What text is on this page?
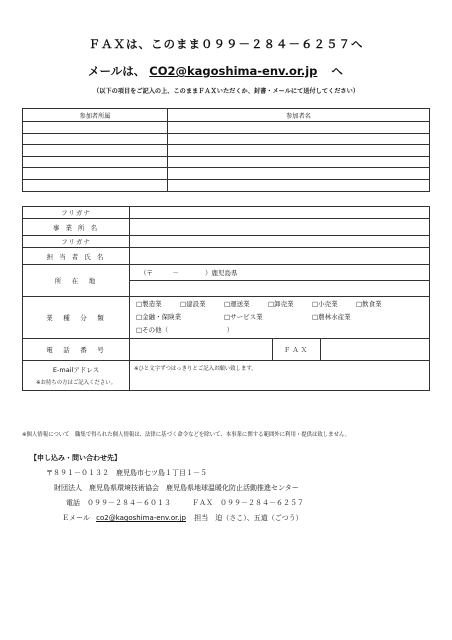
ＦＡＸは、このまま０９９－２８４－６２５７へ
メールは、 CO2@kagoshima-env.or.jp へ
（以下の項目をご記入の上、このままＦＡＸいただくか、封書・メールにて送付してください）
参加者所属	参加者名

フリガナ			
事 業 所 名			
フリガナ			
担 当 者 氏 名			
所　在　地	（〒　　　－　　　　）鹿児島県		

業　種　分　類	□製造業 □建設業 □運送業 □卸売業 □小売業 □飲食業
□金融・保険業 □サービス業 □農林水産業
□その他（　　　　　　　　　）		

電　話　番　号		ＦＡＸ	

E-mailアドレス
※お持ちの方はご記入ください。	※ひと文字ずつはっきりとご記入お願い致します。		
※個人情報について　職集で得られた個人情報は、法律に基づく命令などを除いて、本事業に関する範囲外に利用・提供は致しません。
【申し込み・問い合わせ先】
〒８９１－０１３２　鹿児島市七ツ島１丁目１－５
財団法人　鹿児島県環境技術協会　鹿児島県地球温暖化防止活動推進センター
電話　０９９－２８４－６０１３　　　ＦＡＸ　０９９－２８４－６２５７
Ｅメール co2@kagoshima-env.or.jp 担当　迫（さこ）、五道（ごつう）
